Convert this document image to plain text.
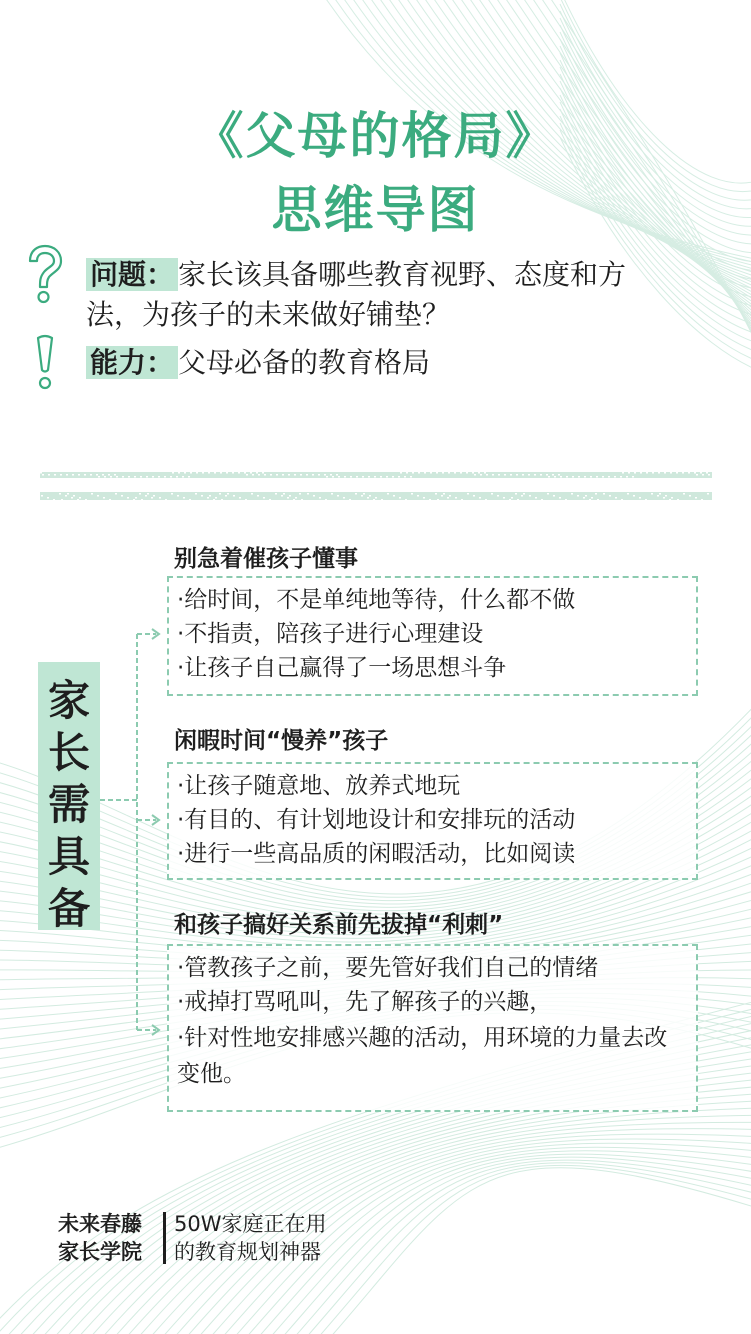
《父母的格局》
思维导图
问题： 家长该具备哪些教育视野、态度和方
法，为孩子的未来做好铺垫？
能力： 父母必备的教育格局
家
长
需
具
备
别急着催孩子懂事
·给时间，不是单纯地等待，什么都不做
·不指责，陪孩子进行心理建设
·让孩子自己赢得了一场思想斗争
闲暇时间“慢养”孩子
·让孩子随意地、放养式地玩
·有目的、有计划地设计和安排玩的活动
·进行一些高品质的闲暇活动，比如阅读
和孩子搞好关系前先拔掉“利刺”
·管教孩子之前，要先管好我们自己的情绪
·戒掉打骂吼叫，先了解孩子的兴趣，
·针对性地安排感兴趣的活动，用环境的力量去改变他。
未来春藤
家长学院
50W家庭正在用
的教育规划神器
